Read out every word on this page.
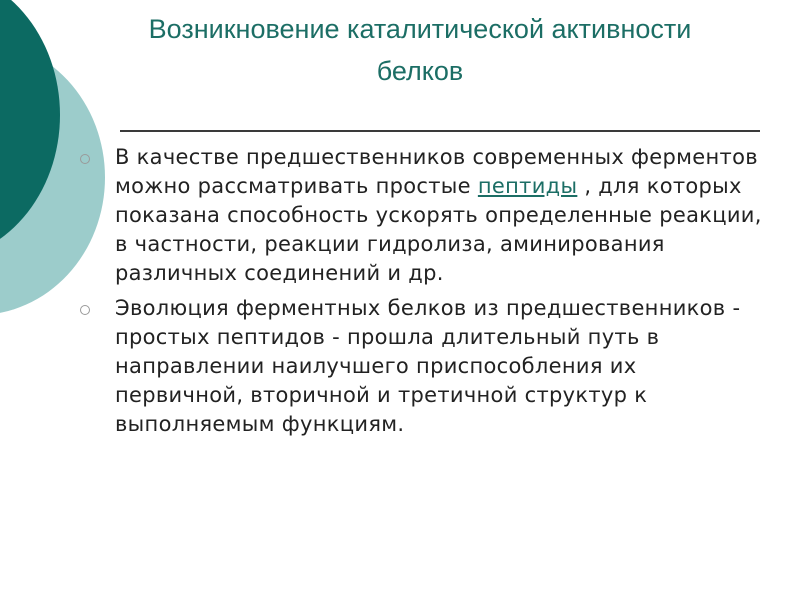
Возникновение каталитической активности белков
В качестве предшественников современных ферментов можно рассматривать простые пептиды , для которых показана способность ускорять определенные реакции, в частности, реакции гидролиза, аминирования различных соединений и др.
Эволюция ферментных белков из предшественников - простых пептидов - прошла длительный путь в направлении наилучшего приспособления их первичной, вторичной и третичной структур к выполняемым функциям.
